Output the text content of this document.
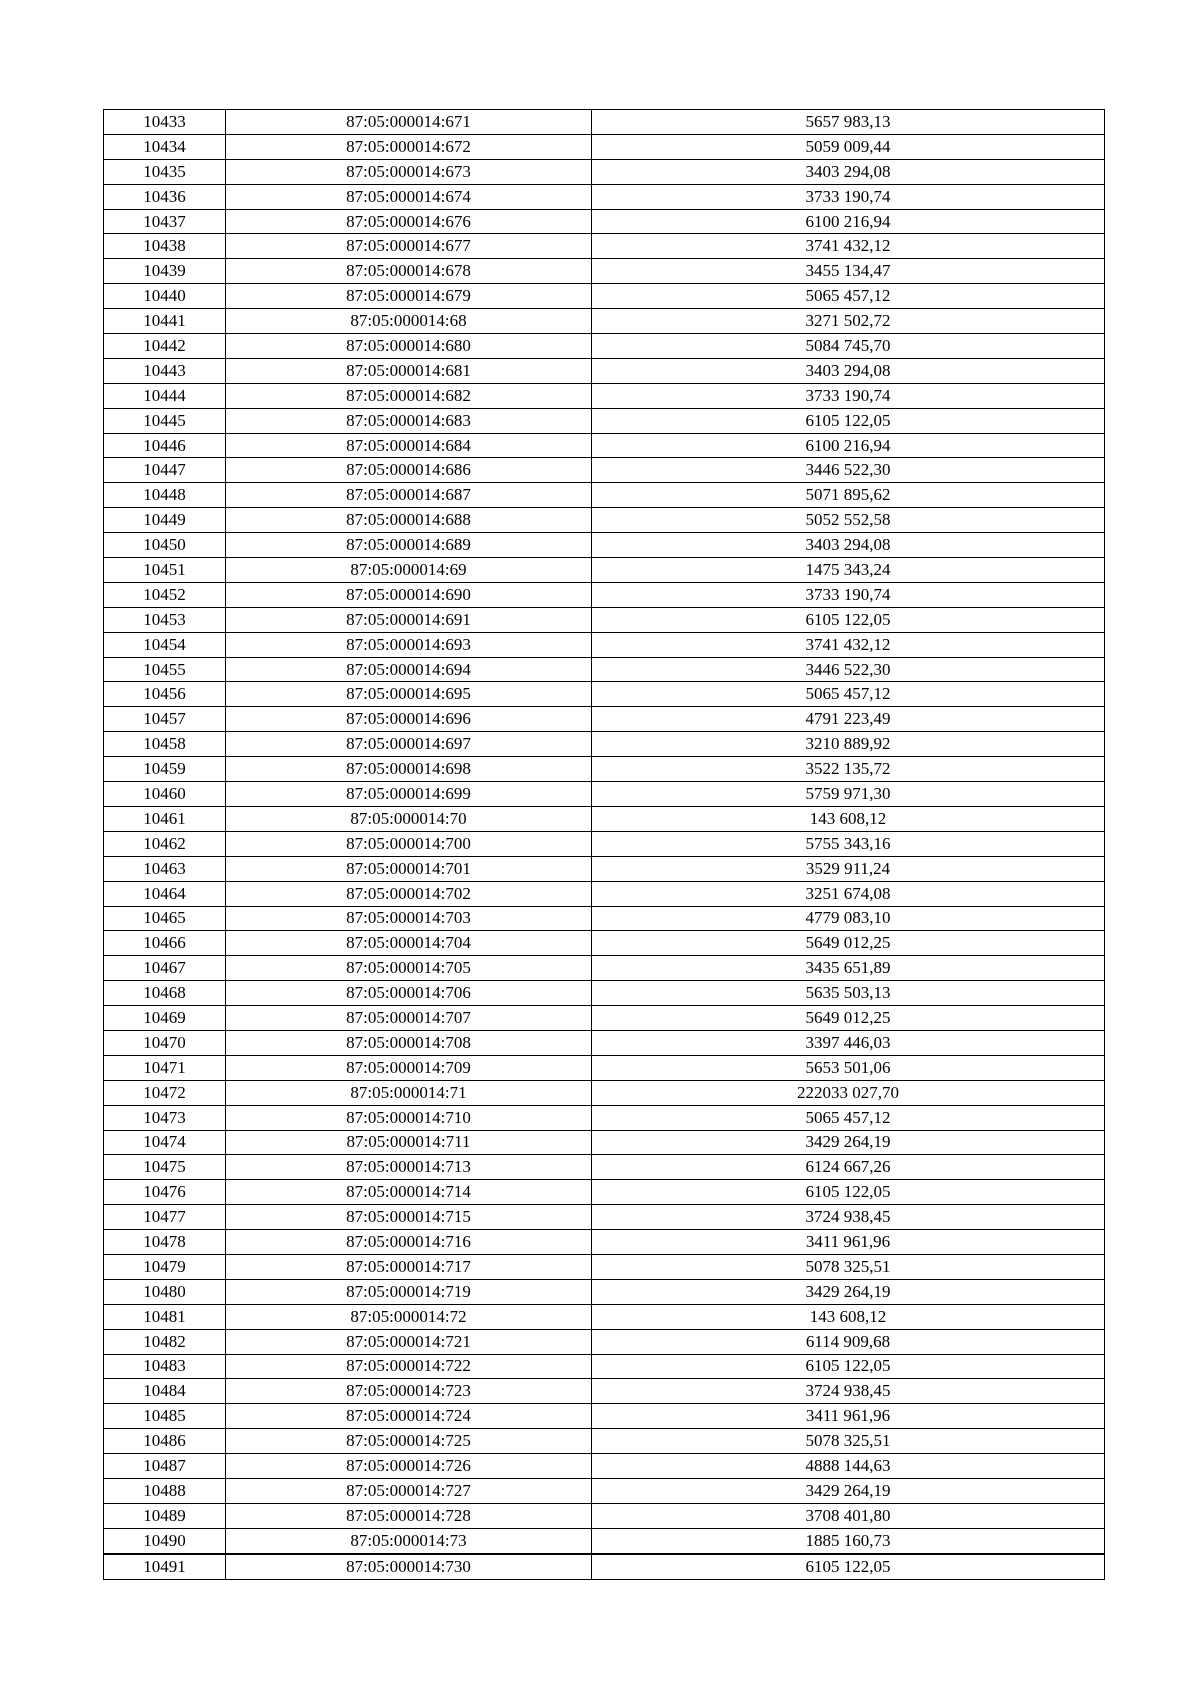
10433	87:05:000014:671	5657 983,13
10434	87:05:000014:672	5059 009,44
10435	87:05:000014:673	3403 294,08
10436	87:05:000014:674	3733 190,74
10437	87:05:000014:676	6100 216,94
10438	87:05:000014:677	3741 432,12
10439	87:05:000014:678	3455 134,47
10440	87:05:000014:679	5065 457,12
10441	87:05:000014:68	3271 502,72
10442	87:05:000014:680	5084 745,70
10443	87:05:000014:681	3403 294,08
10444	87:05:000014:682	3733 190,74
10445	87:05:000014:683	6105 122,05
10446	87:05:000014:684	6100 216,94
10447	87:05:000014:686	3446 522,30
10448	87:05:000014:687	5071 895,62
10449	87:05:000014:688	5052 552,58
10450	87:05:000014:689	3403 294,08
10451	87:05:000014:69	1475 343,24
10452	87:05:000014:690	3733 190,74
10453	87:05:000014:691	6105 122,05
10454	87:05:000014:693	3741 432,12
10455	87:05:000014:694	3446 522,30
10456	87:05:000014:695	5065 457,12
10457	87:05:000014:696	4791 223,49
10458	87:05:000014:697	3210 889,92
10459	87:05:000014:698	3522 135,72
10460	87:05:000014:699	5759 971,30
10461	87:05:000014:70	143 608,12
10462	87:05:000014:700	5755 343,16
10463	87:05:000014:701	3529 911,24
10464	87:05:000014:702	3251 674,08
10465	87:05:000014:703	4779 083,10
10466	87:05:000014:704	5649 012,25
10467	87:05:000014:705	3435 651,89
10468	87:05:000014:706	5635 503,13
10469	87:05:000014:707	5649 012,25
10470	87:05:000014:708	3397 446,03
10471	87:05:000014:709	5653 501,06
10472	87:05:000014:71	222033 027,70
10473	87:05:000014:710	5065 457,12
10474	87:05:000014:711	3429 264,19
10475	87:05:000014:713	6124 667,26
10476	87:05:000014:714	6105 122,05
10477	87:05:000014:715	3724 938,45
10478	87:05:000014:716	3411 961,96
10479	87:05:000014:717	5078 325,51
10480	87:05:000014:719	3429 264,19
10481	87:05:000014:72	143 608,12
10482	87:05:000014:721	6114 909,68
10483	87:05:000014:722	6105 122,05
10484	87:05:000014:723	3724 938,45
10485	87:05:000014:724	3411 961,96
10486	87:05:000014:725	5078 325,51
10487	87:05:000014:726	4888 144,63
10488	87:05:000014:727	3429 264,19
10489	87:05:000014:728	3708 401,80
10490	87:05:000014:73	1885 160,73
10491	87:05:000014:730	6105 122,05
